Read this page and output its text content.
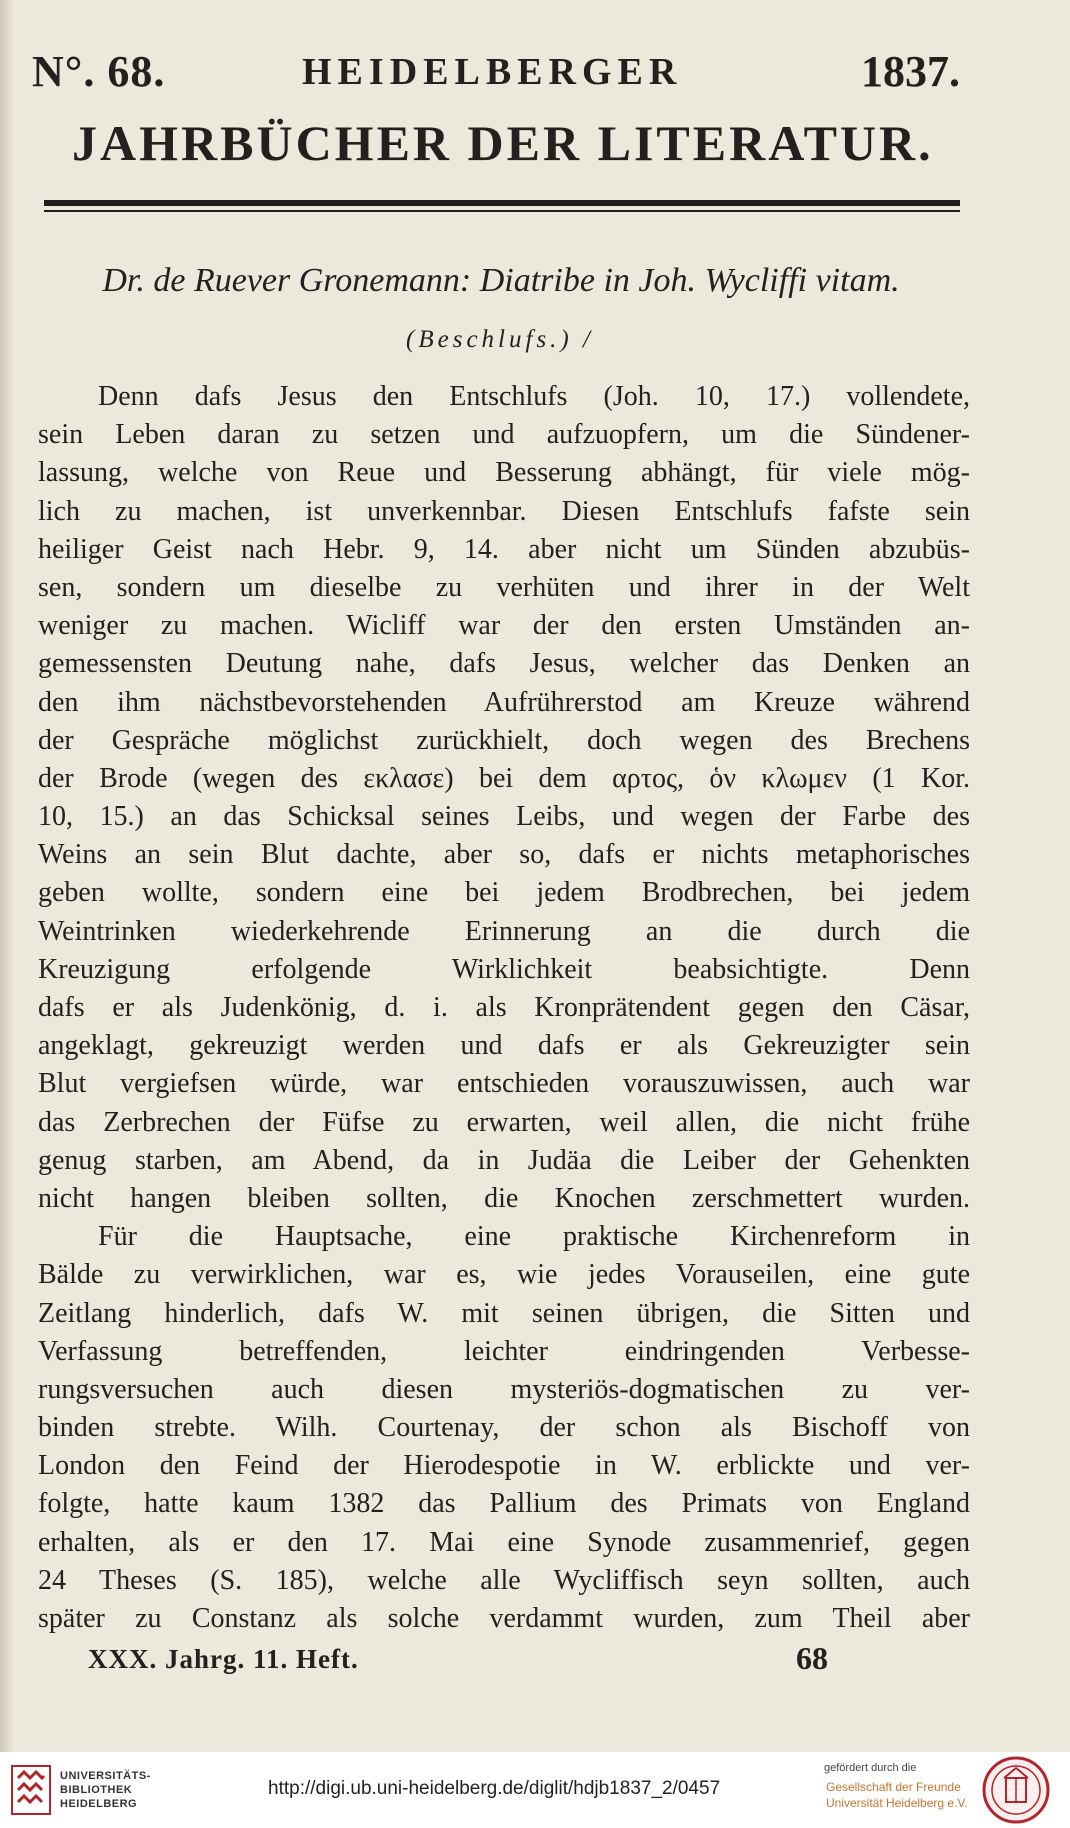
N°. 68.	HEIDELBERGER	1837.
JAHRBÜCHER DER LITERATUR.
Dr. de Ruever Gronemann: Diatribe in Joh. Wycliffi vitam.
(Beschlufs.) /
Denn dafs Jesus den Entschlufs (Joh. 10, 17.) vollendete,
sein Leben daran zu setzen und aufzuopfern, um die Sündener-
lassung, welche von Reue und Besserung abhängt, für viele mög-
lich zu machen, ist unverkennbar. Diesen Entschlufs fafste sein
heiliger Geist nach Hebr. 9, 14. aber nicht um Sünden abzubüs-
sen, sondern um dieselbe zu verhüten und ihrer in der Welt
weniger zu machen. Wicliff war der den ersten Umständen an-
gemessensten Deutung nahe, dafs Jesus, welcher das Denken an
den ihm nächstbevorstehenden Aufrührerstod am Kreuze während
der Gespräche möglichst zurückhielt, doch wegen des Brechens
der Brode (wegen des εκλασε) bei dem αρτος, ὁν κλωμεν (1 Kor.
10, 15.) an das Schicksal seines Leibs, und wegen der Farbe des
Weins an sein Blut dachte, aber so, dafs er nichts metaphorisches
geben wollte, sondern eine bei jedem Brodbrechen, bei jedem
Weintrinken wiederkehrende Erinnerung an die durch die
Kreuzigung erfolgende Wirklichkeit beabsichtigte. Denn
dafs er als Judenkönig, d. i. als Kronprätendent gegen den Cäsar,
angeklagt, gekreuzigt werden und dafs er als Gekreuzigter sein
Blut vergiefsen würde, war entschieden vorauszuwissen, auch war
das Zerbrechen der Füfse zu erwarten, weil allen, die nicht frühe
genug starben, am Abend, da in Judäa die Leiber der Gehenkten
nicht hangen bleiben sollten, die Knochen zerschmettert wurden.
Für die Hauptsache, eine praktische Kirchenreform in
Bälde zu verwirklichen, war es, wie jedes Vorauseilen, eine gute
Zeitlang hinderlich, dafs W. mit seinen übrigen, die Sitten und
Verfassung betreffenden, leichter eindringenden Verbesse-
rungsversuchen auch diesen mysteriös-dogmatischen zu ver-
binden strebte. Wilh. Courtenay, der schon als Bischoff von
London den Feind der Hierodespotie in W. erblickte und ver-
folgte, hatte kaum 1382 das Pallium des Primats von England
erhalten, als er den 17. Mai eine Synode zusammenrief, gegen
24 Theses (S. 185), welche alle Wycliffisch seyn sollten, auch
später zu Constanz als solche verdammt wurden, zum Theil aber
XXX. Jahrg. 11. Heft.	68
UNIVERSITÄTS-
BIBLIOTHEK
HEIDELBERG
http://digi.ub.uni-heidelberg.de/diglit/hdjb1837_2/0457
gefördert durch die
Gesellschaft der Freunde
Universität Heidelberg e.V.
